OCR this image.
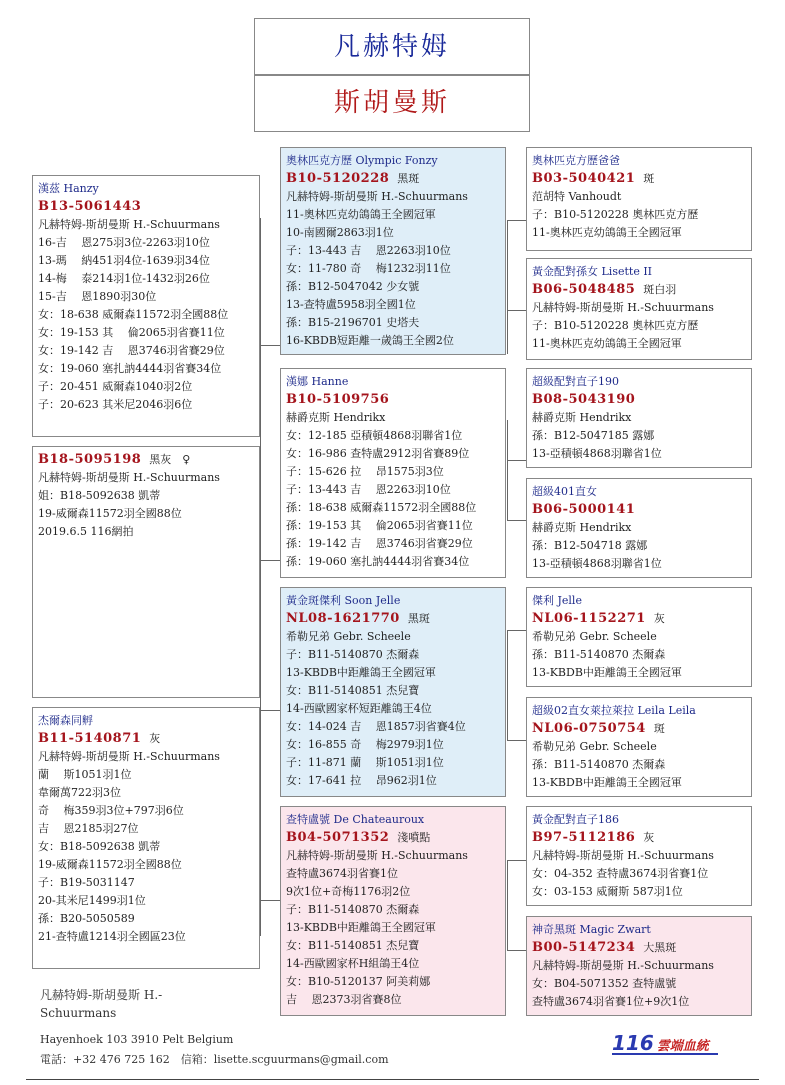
凡赫特姆
斯胡曼斯
漢茲 Hanzy
B13-5061443
凡赫特姆-斯胡曼斯 H.-Schuurmans
16-吉　 恩275羽3位-2263羽10位
13-瑪　 納451羽4位-1639羽34位
14-梅　 泰214羽1位-1432羽26位
15-吉　 恩1890羽30位
女：18-638 威爾森11572羽全國88位
女：19-153 其　 倫2065羽省賽11位
女：19-142 吉　 恩3746羽省賽29位
女：19-060 塞扎訥4444羽省賽34位
子：20-451 威爾森1040羽2位
子：20-623 其米尼2046羽6位
B18-5095198 黑灰　♀
凡赫特姆-斯胡曼斯 H.-Schuurmans
姐：B18-5092638 凱蒂
19-威爾森11572羽全國88位
2019.6.5 116網拍
杰爾森同孵
B11-5140871 灰
凡赫特姆-斯胡曼斯 H.-Schuurmans
蘭　 斯1051羽1位
韋爾萬722羽3位
奇　 梅359羽3位+797羽6位
吉　 恩2185羽27位
女：B18-5092638 凱蒂
19-威爾森11572羽全國88位
子：B19-5031147
20-其米尼1499羽1位
孫：B20-5050589
21-查特盧1214羽全國區23位
奧林匹克方歷 Olympic Fonzy
B10-5120228 黑斑
凡赫特姆-斯胡曼斯 H.-Schuurmans
11-奧林匹克幼鴿鴿王全國冠軍
10-南國爾2863羽1位
子：13-443 吉　 恩2263羽10位
女：11-780 奇　 梅1232羽11位
孫：B12-5047042 少女號
13-查特盧5958羽全國1位
孫：B15-2196701 史塔夫
16-KBDB短距離一歲鴿王全國2位
漢娜 Hanne
B10-5109756
赫爵克斯 Hendrikx
女：12-185 亞積頓4868羽聯省1位
女：16-986 查特盧2912羽省賽89位
子：15-626 拉　 昂1575羽3位
子：13-443 吉　 恩2263羽10位
孫：18-638 威爾森11572羽全國88位
孫：19-153 其　 倫2065羽省賽11位
孫：19-142 吉　 恩3746羽省賽29位
孫：19-060 塞扎訥4444羽省賽34位
黃金斑傑利 Soon Jelle
NL08-1621770 黑斑
希勒兄弟 Gebr. Scheele
子：B11-5140870 杰爾森
13-KBDB中距離鴿王全國冠軍
女：B11-5140851 杰兒寶
14-西歐國家杯短距離鴿王4位
女：14-024 吉　 恩1857羽省賽4位
女：16-855 奇　 梅2979羽1位
子：11-871 蘭　 斯1051羽1位
女：17-641 拉　 昂962羽1位
查特盧號 De Chateauroux
B04-5071352 淺噴點
凡赫特姆-斯胡曼斯 H.-Schuurmans
查特盧3674羽省賽1位
9次1位+奇梅1176羽2位
子：B11-5140870 杰爾森
13-KBDB中距離鴿王全國冠軍
女：B11-5140851 杰兒寶
14-西歐國家杯H組鴿王4位
女：B10-5120137 阿美莉娜
吉　 恩2373羽省賽8位
奧林匹克方歷爸爸
B03-5040421 斑
范胡特 Vanhoudt
子：B10-5120228 奧林匹克方歷
11-奧林匹克幼鴿鴿王全國冠軍
黃金配對孫女 Lisette II
B06-5048485 斑白羽
凡赫特姆-斯胡曼斯 H.-Schuurmans
子：B10-5120228 奧林匹克方歷
11-奧林匹克幼鴿鴿王全國冠軍
超級配對直子190
B08-5043190
赫爵克斯 Hendrikx
孫：B12-5047185 露娜
13-亞積頓4868羽聯省1位
超級401直女
B06-5000141
赫爵克斯 Hendrikx
孫：B12-504718 露娜
13-亞積頓4868羽聯省1位
傑利 Jelle
NL06-1152271 灰
希勒兄弟 Gebr. Scheele
孫：B11-5140870 杰爾森
13-KBDB中距離鴿王全國冠軍
超級02直女萊拉萊拉 Leila Leila
NL06-0750754 斑
希勒兄弟 Gebr. Scheele
孫：B11-5140870 杰爾森
13-KBDB中距離鴿王全國冠軍
黃金配對直子186
B97-5112186 灰
凡赫特姆-斯胡曼斯 H.-Schuurmans
女：04-352 查特盧3674羽省賽1位
女：03-153 威爾斯 587羽1位
神奇黑斑 Magic Zwart
B00-5147234 大黑斑
凡赫特姆-斯胡曼斯 H.-Schuurmans
女：B04-5071352 查特盧號
查特盧3674羽省賽1位+9次1位
凡赫特姆-斯胡曼斯 H.-Schuurmans
Hayenhoek 103 3910 Pelt Belgium
電話：+32 476 725 162　信箱：lisette.scguurmans@gmail.com
116 雲端血統
